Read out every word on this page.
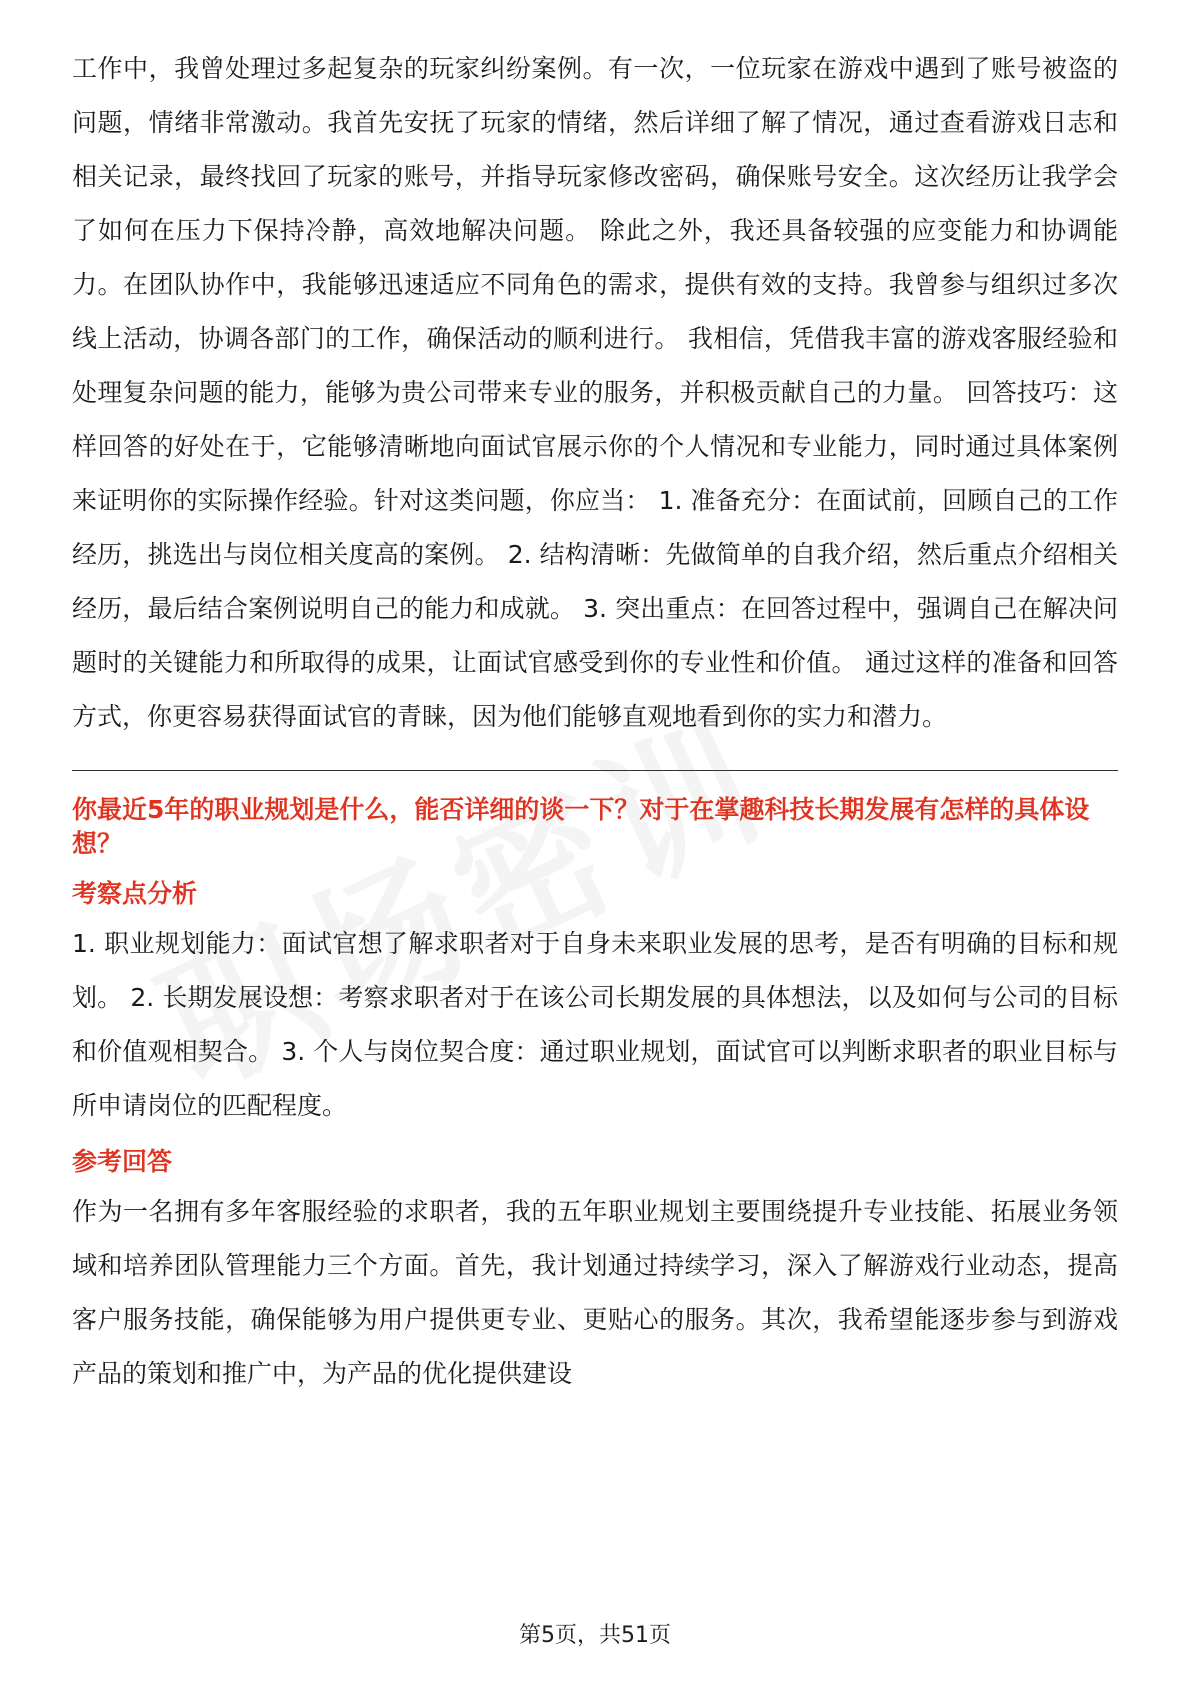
工作中，我曾处理过多起复杂的玩家纠纷案例。有一次，一位玩家在游戏中遇到了账号被盗的问题，情绪非常激动。我首先安抚了玩家的情绪，然后详细了解了情况，通过查看游戏日志和相关记录，最终找回了玩家的账号，并指导玩家修改密码，确保账号安全。这次经历让我学会了如何在压力下保持冷静，高效地解决问题。 除此之外，我还具备较强的应变能力和协调能力。在团队协作中，我能够迅速适应不同角色的需求，提供有效的支持。我曾参与组织过多次线上活动，协调各部门的工作，确保活动的顺利进行。 我相信，凭借我丰富的游戏客服经验和处理复杂问题的能力，能够为贵公司带来专业的服务，并积极贡献自己的力量。 回答技巧：这样回答的好处在于，它能够清晰地向面试官展示你的个人情况和专业能力，同时通过具体案例来证明你的实际操作经验。针对这类问题，你应当： 1. 准备充分：在面试前，回顾自己的工作经历，挑选出与岗位相关度高的案例。 2. 结构清晰：先做简单的自我介绍，然后重点介绍相关经历，最后结合案例说明自己的能力和成就。 3. 突出重点：在回答过程中，强调自己在解决问题时的关键能力和所取得的成果，让面试官感受到你的专业性和价值。 通过这样的准备和回答方式，你更容易获得面试官的青睐，因为他们能够直观地看到你的实力和潜力。

你最近5年的职业规划是什么，能否详细的谈一下？对于在掌趣科技长期发展有怎样的具体设想？
考察点分析

1. 职业规划能力：面试官想了解求职者对于自身未来职业发展的思考，是否有明确的目标和规划。 2. 长期发展设想：考察求职者对于在该公司长期发展的具体想法，以及如何与公司的目标和价值观相契合。 3. 个人与岗位契合度：通过职业规划，面试官可以判断求职者的职业目标与所申请岗位的匹配程度。

参考回答

作为一名拥有多年客服经验的求职者，我的五年职业规划主要围绕提升专业技能、拓展业务领域和培养团队管理能力三个方面。首先，我计划通过持续学习，深入了解游戏行业动态，提高客户服务技能，确保能够为用户提供更专业、更贴心的服务。其次，我希望能逐步参与到游戏产品的策划和推广中，为产品的优化提供建设

第5页，共51页
